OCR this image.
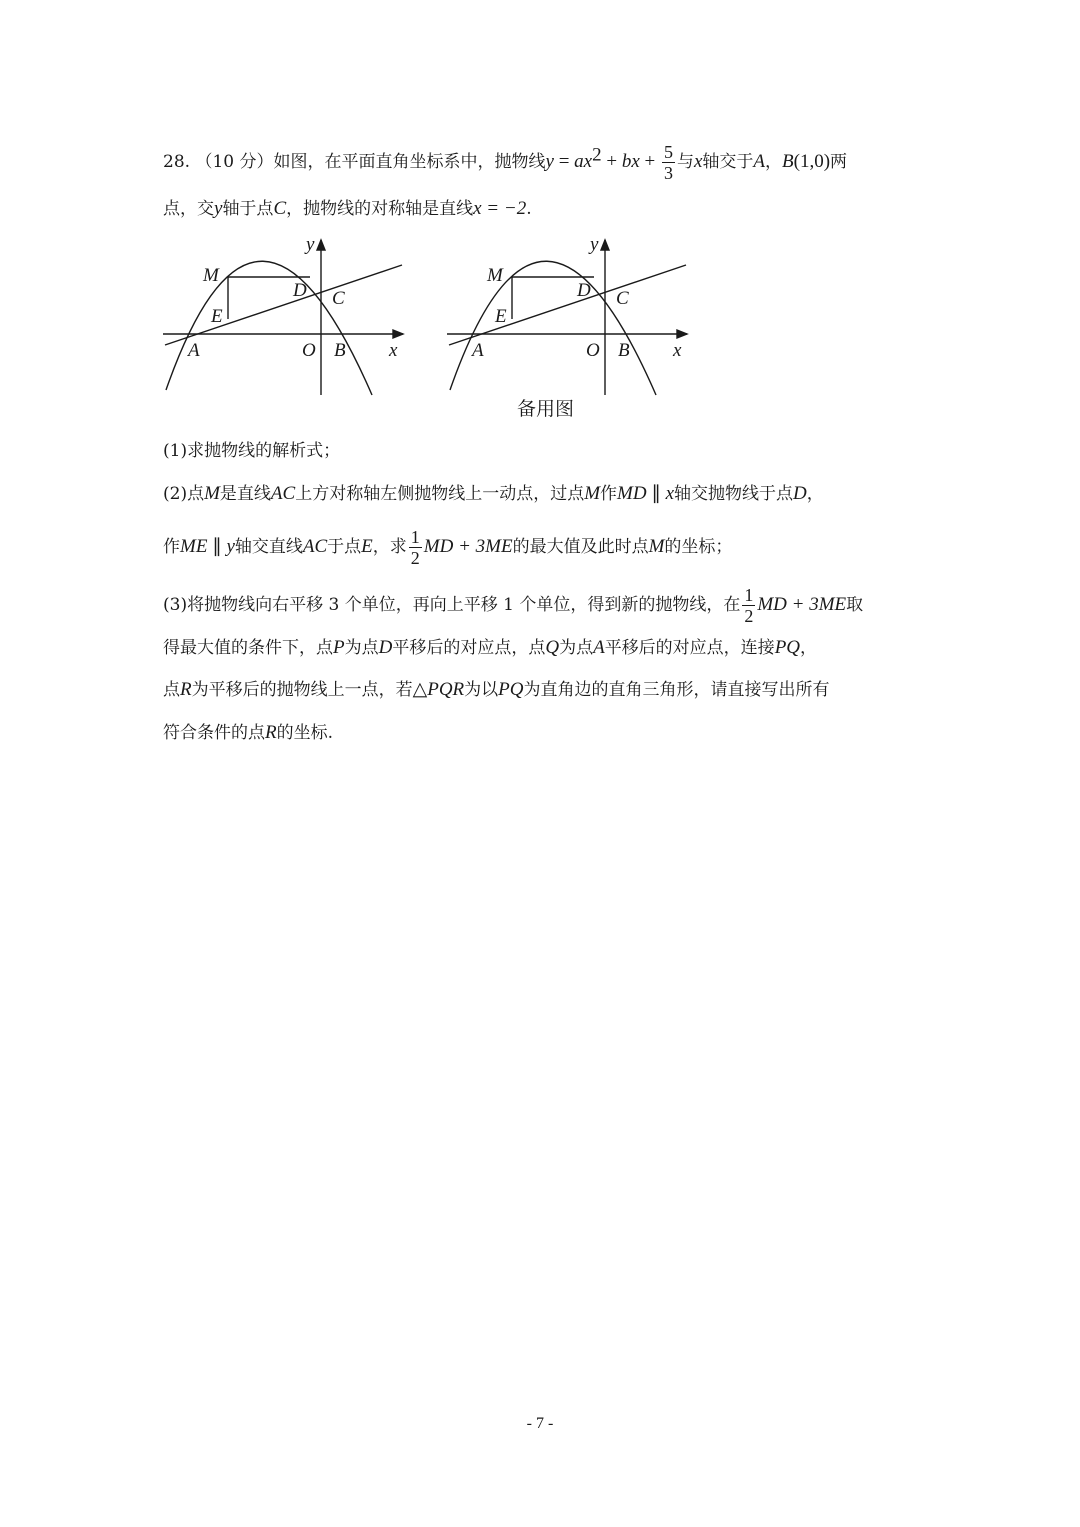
28. （10 分）如图，在平面直角坐标系中，抛物线$y = ax^2$ + bx + $\frac{5}{3}$ 与x轴交于A，B(1,0)两
点，交y轴于点C，抛物线的对称轴是直线x = −2.
M
D C
E
A	O B x
y
M
D C
E
A	O B x
y
备用图
(1)求抛物线的解析式；
(2)点M是直线AC上方对称轴左侧抛物线上一动点，过点M作MD ∥ x轴交抛物线于点D，
作ME ∥ y轴交直线AC于点E，求 $\frac{1}{2}$ MD + 3ME的最大值及此时点M的坐标；
(3)将抛物线向右平移 3 个单位，再向上平移 1 个单位，得到新的抛物线，在 $\frac{1}{2}$ MD + 3ME取
得最大值的条件下，点P为点D平移后的对应点，点Q为点A平移后的对应点，连接PQ，
点R为平移后的抛物线上一点，若△PQR为以PQ为直角边的直角三角形，请直接写出所有
符合条件的点R的坐标.
- 7 -
